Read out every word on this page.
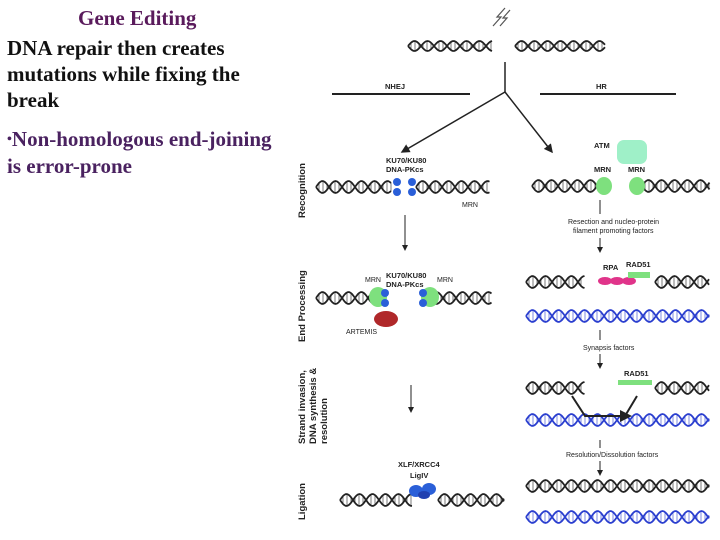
Gene Editing
DNA repair then creates mutations while fixing the break
•Non-homologous end-joining is error-prone
NHEJ	HR
Recognition
End Processing
Strand invasion,DNA synthesis &resolution
Ligation
KU70/KU80
DNA-PKcs
MRN
KU70/KU80
DNA-PKcs
MRN	MRN
ARTEMIS
XLF/XRCC4
LigIV
ATM
MRN MRN
Resection and nucleo-protein
filament promoting factors
RPA RAD51
Synapsis factors
RAD51
Resolution/Dissolution factors
